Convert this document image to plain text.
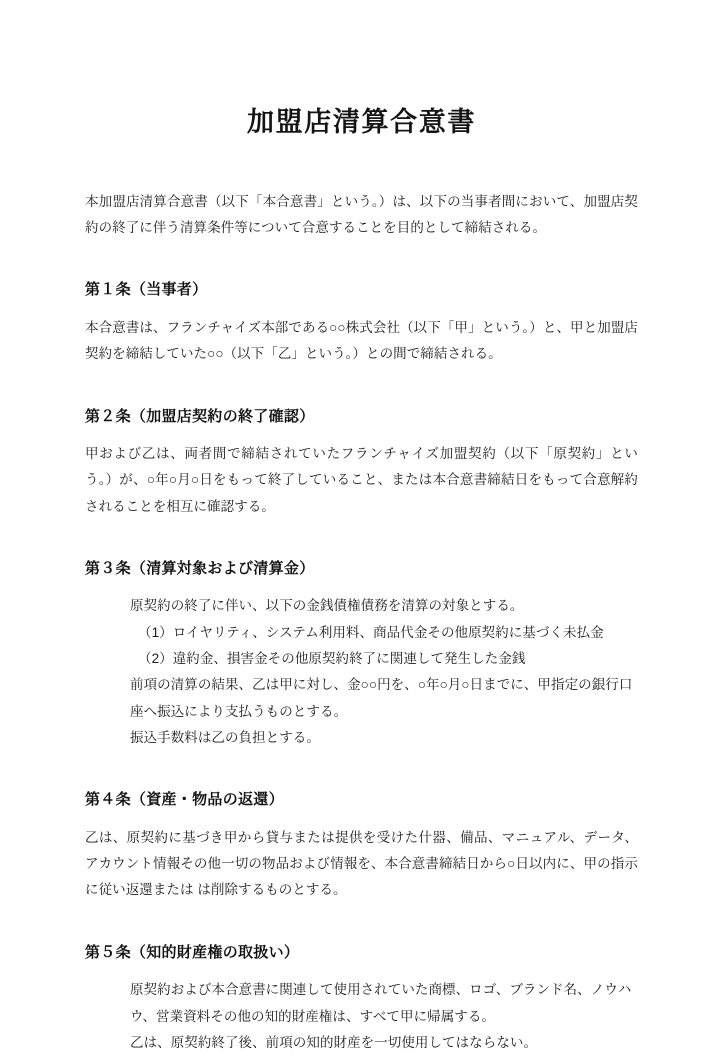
加盟店清算合意書

本加盟店清算合意書（以下「本合意書」という。）は、以下の当事者間において、加盟店契約の終了に伴う清算条件等について合意することを目的として締結される。

第１条（当事者）

本合意書は、フランチャイズ本部である○○株式会社（以下「甲」という。）と、甲と加盟店契約を締結していた○○（以下「乙」という。）との間で締結される。

第２条（加盟店契約の終了確認）

甲および乙は、両者間で締結されていたフランチャイズ加盟契約（以下「原契約」という。）が、○年○月○日をもって終了していること、または本合意書締結日をもって合意解約されることを相互に確認する。

第３条（清算対象および清算金）
原契約の終了に伴い、以下の金銭債権債務を清算の対象とする。
（1）ロイヤリティ、システム利用料、商品代金その他原契約に基づく未払金
（2）違約金、損害金その他原契約終了に関連して発生した金銭
前項の清算の結果、乙は甲に対し、金○○円を、○年○月○日までに、甲指定の銀行口座へ振込により支払うものとする。
振込手数料は乙の負担とする。
第４条（資産・物品の返還）

乙は、原契約に基づき甲から貸与または提供を受けた什器、備品、マニュアル、データ、アカウント情報その他一切の物品および情報を、本合意書締結日から○日以内に、甲の指示に従い返還または は削除するものとする。

第５条（知的財産権の取扱い）
原契約および本合意書に関連して使用されていた商標、ロゴ、ブランド名、ノウハウ、営業資料その他の知的財産権は、すべて甲に帰属する。
乙は、原契約終了後、前項の知的財産を一切使用してはならない。
